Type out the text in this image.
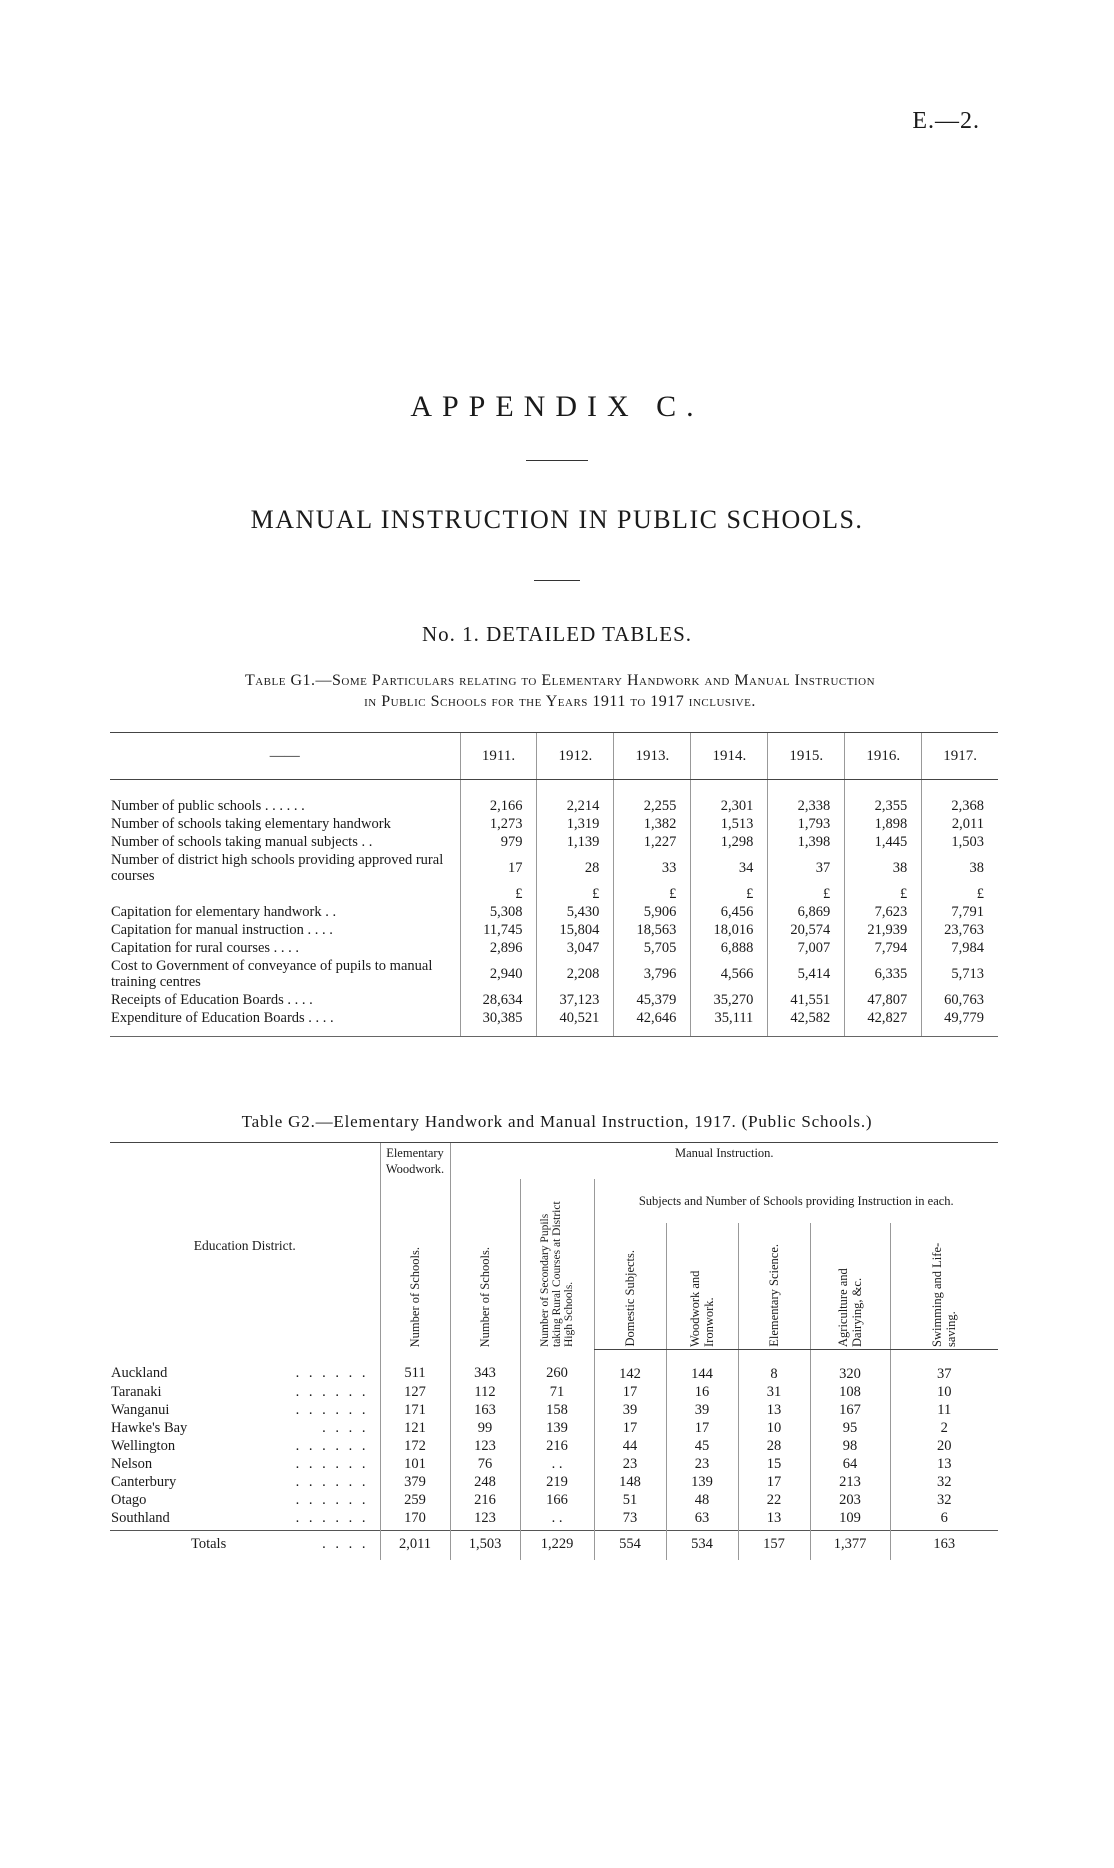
E.—2.
APPENDIX C.
MANUAL INSTRUCTION IN PUBLIC SCHOOLS.
No. 1. DETAILED TABLES.
Table G1.—Some Particulars relating to Elementary Handwork and Manual Instruction
in Public Schools for the Years 1911 to 1917 inclusive.
——	1911.	1912.	1913.	1914.	1915.	1916.	1917.
Number of public schools . . . . . .	2,166	2,214	2,255	2,301	2,338	2,355	2,368
Number of schools taking elementary handwork	1,273	1,319	1,382	1,513	1,793	1,898	2,011
Number of schools taking manual subjects . .	979	1,139	1,227	1,298	1,398	1,445	1,503
Number of district high schools providing approved rural courses	17	28	33	34	37	38	38
	£	£	£	£	£	£	£
Capitation for elementary handwork . .	5,308	5,430	5,906	6,456	6,869	7,623	7,791
Capitation for manual instruction . . . .	11,745	15,804	18,563	18,016	20,574	21,939	23,763
Capitation for rural courses . . . .	2,896	3,047	5,705	6,888	7,007	7,794	7,984
Cost to Government of conveyance of pupils to manual training centres	2,940	2,208	3,796	4,566	5,414	6,335	5,713
Receipts of Education Boards . . . .	28,634	37,123	45,379	35,270	41,551	47,807	60,763
Expenditure of Education Boards . . . .	30,385	40,521	42,646	35,111	42,582	42,827	49,779
Table G2.—Elementary Handwork and Manual Instruction, 1917. (Public Schools.)
Education District.	Elementary Woodwork.	Manual Instruction.						

	Number of Schools.	Number of Schools.	Number of Secondary Pupils taking Rural Courses at District High Schools.	Subjects and Number of Schools providing Instruction in each.				

				Domestic Subjects.	Woodwork and Ironwork.	Elementary Science.	Agriculture and Dairying, &c.	Swimming and Life-saving.

Auckland . . . . . .	511	343	260	142	144	8	320	37
Taranaki . . . . . .	127	112	71	17	16	31	108	10
Wanganui . . . . . .	171	163	158	39	39	13	167	11
Hawke's Bay . . . .	121	99	139	17	17	10	95	2
Wellington . . . . . .	172	123	216	44	45	28	98	20
Nelson . . . . . .	101	76	. .	23	23	15	64	13
Canterbury . . . . . .	379	248	219	148	139	17	213	32
Otago . . . . . .	259	216	166	51	48	22	203	32
Southland . . . . . .	170	123	. .	73	63	13	109	6
Totals . . . .	2,011	1,503	1,229	554	534	157	1,377	163
